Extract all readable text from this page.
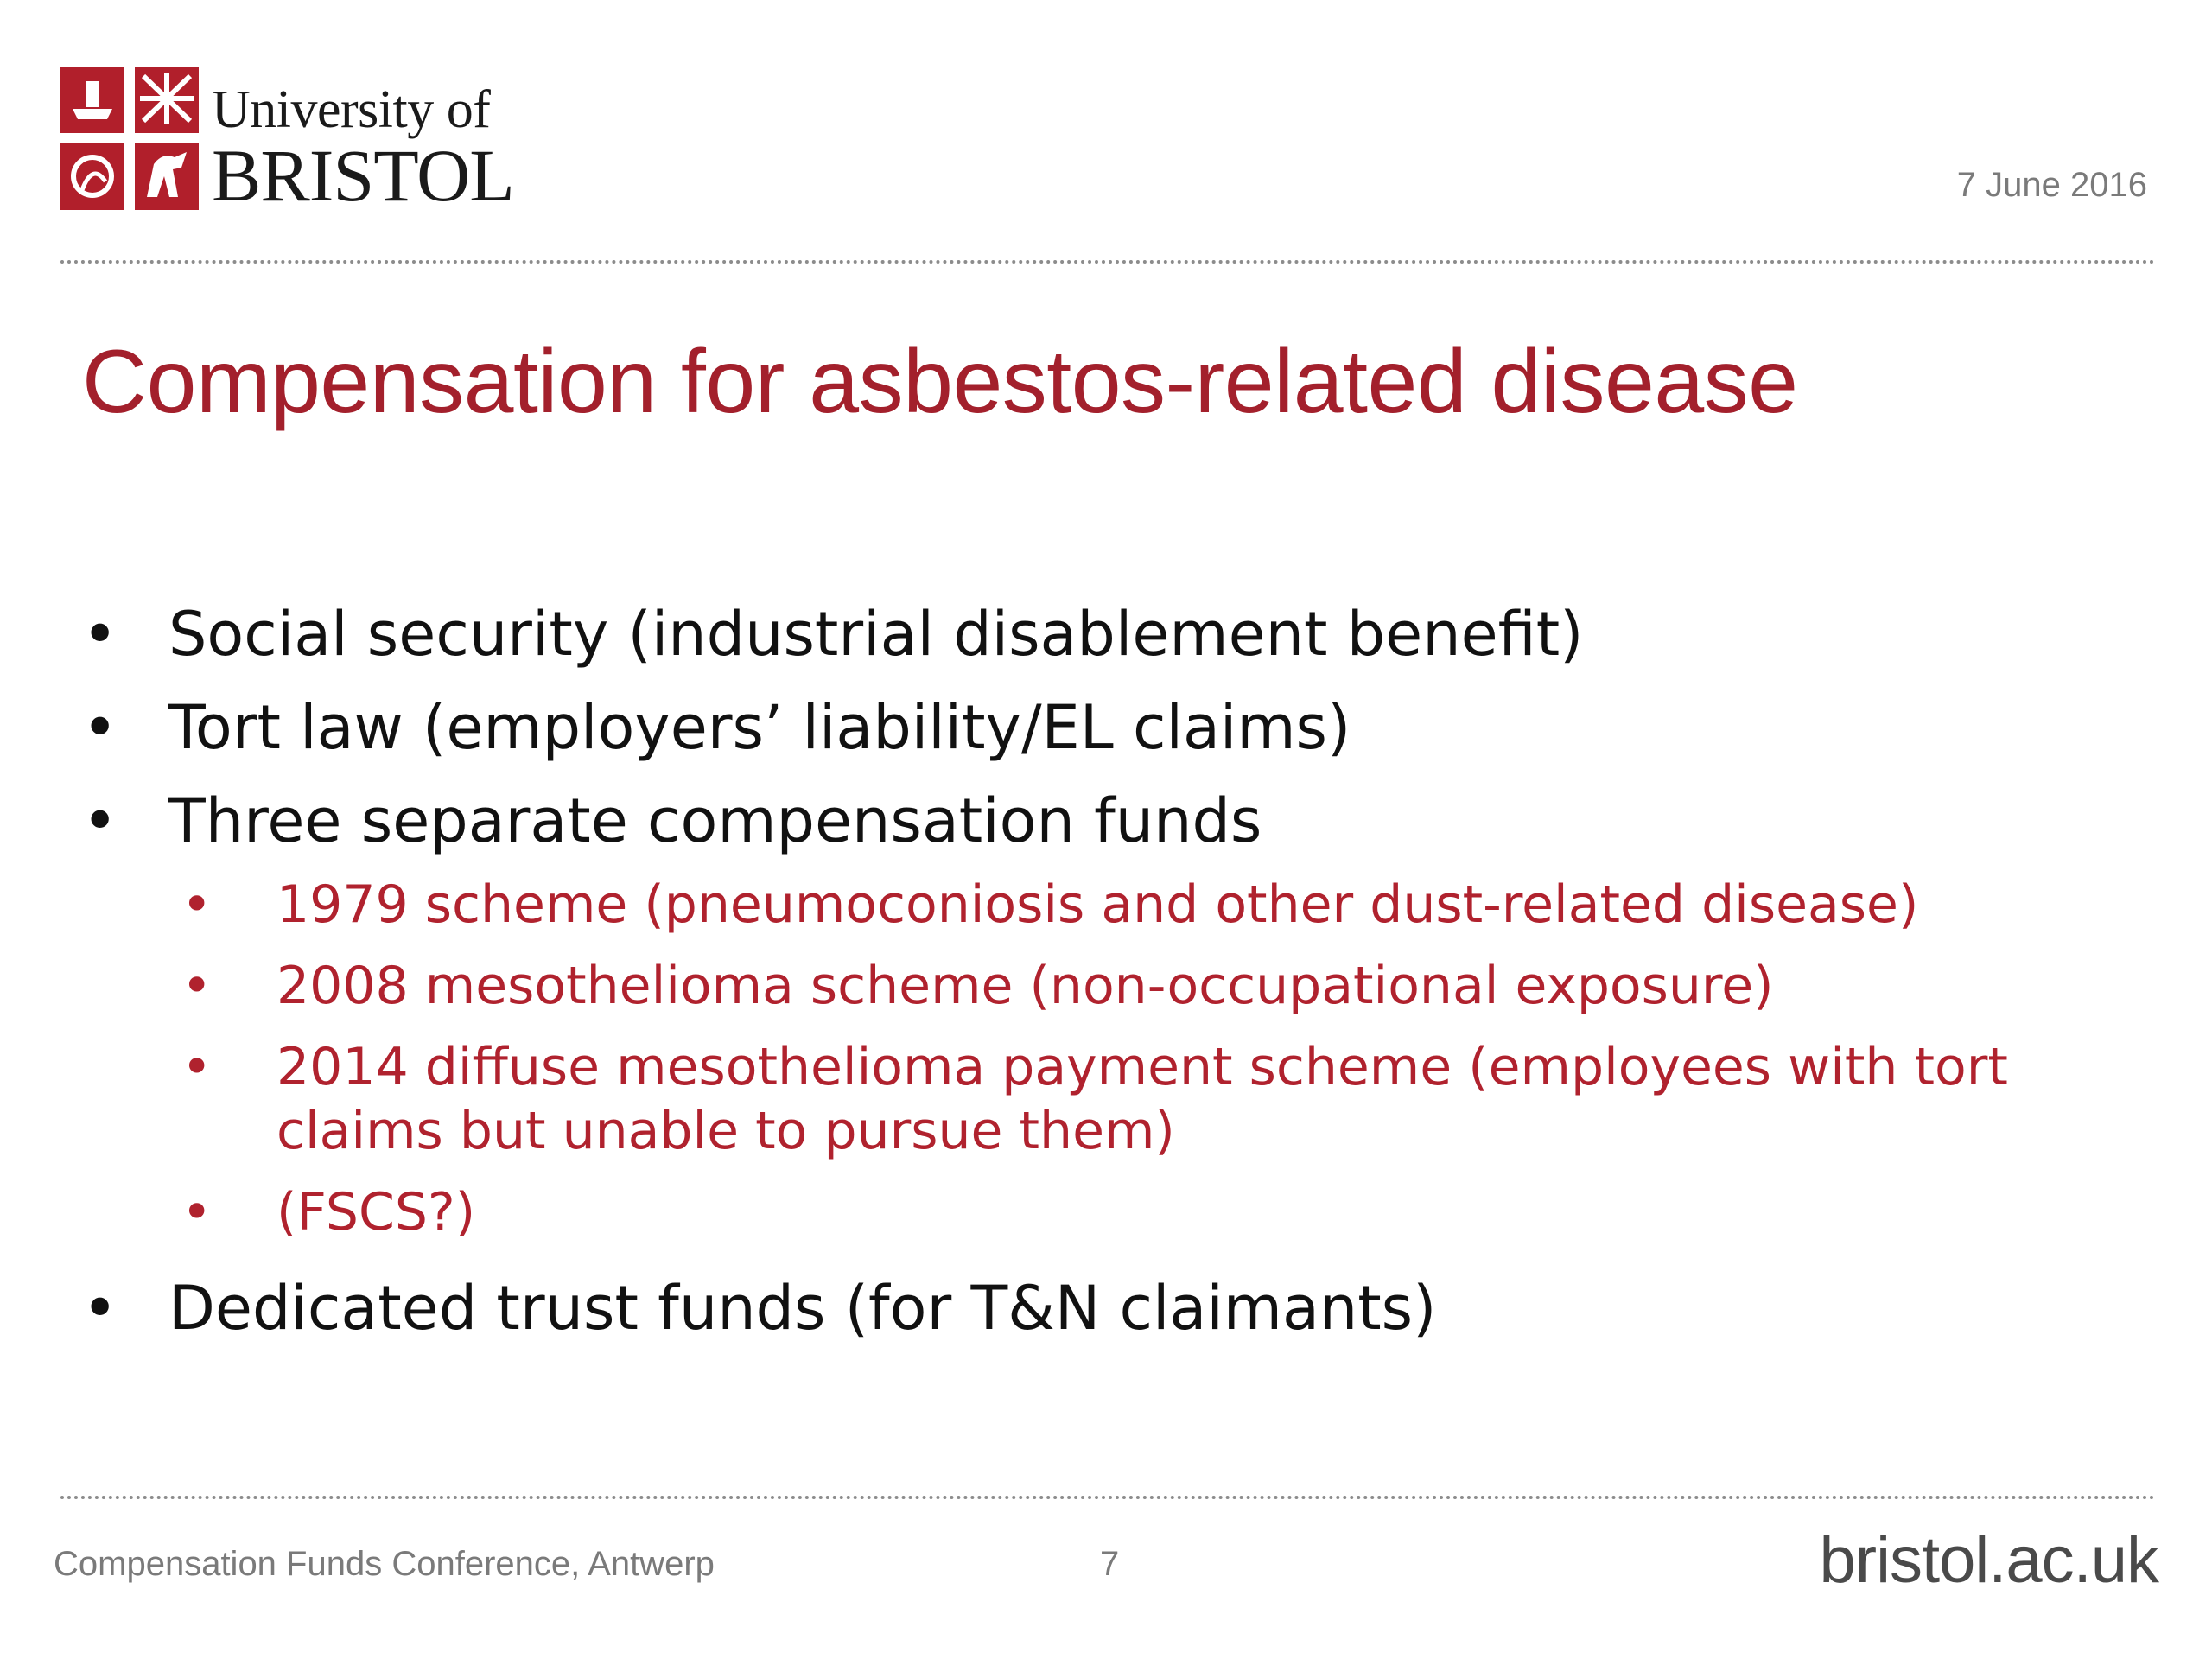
University of
BRISTOL	7 June 2016
Compensation for asbestos-related disease
• Social security (industrial disablement benefit)
• Tort law (employers’ liability/EL claims)
• Three separate compensation funds
• 1979 scheme (pneumoconiosis and other dust-related disease)
• 2008 mesothelioma scheme (non-occupational exposure)
• 2014 diffuse mesothelioma payment scheme (employees with tort claims but unable to pursue them)
• (FSCS?)
• Dedicated trust funds (for T&N claimants)
Compensation Funds Conference, Antwerp	7	bristol.ac.uk
